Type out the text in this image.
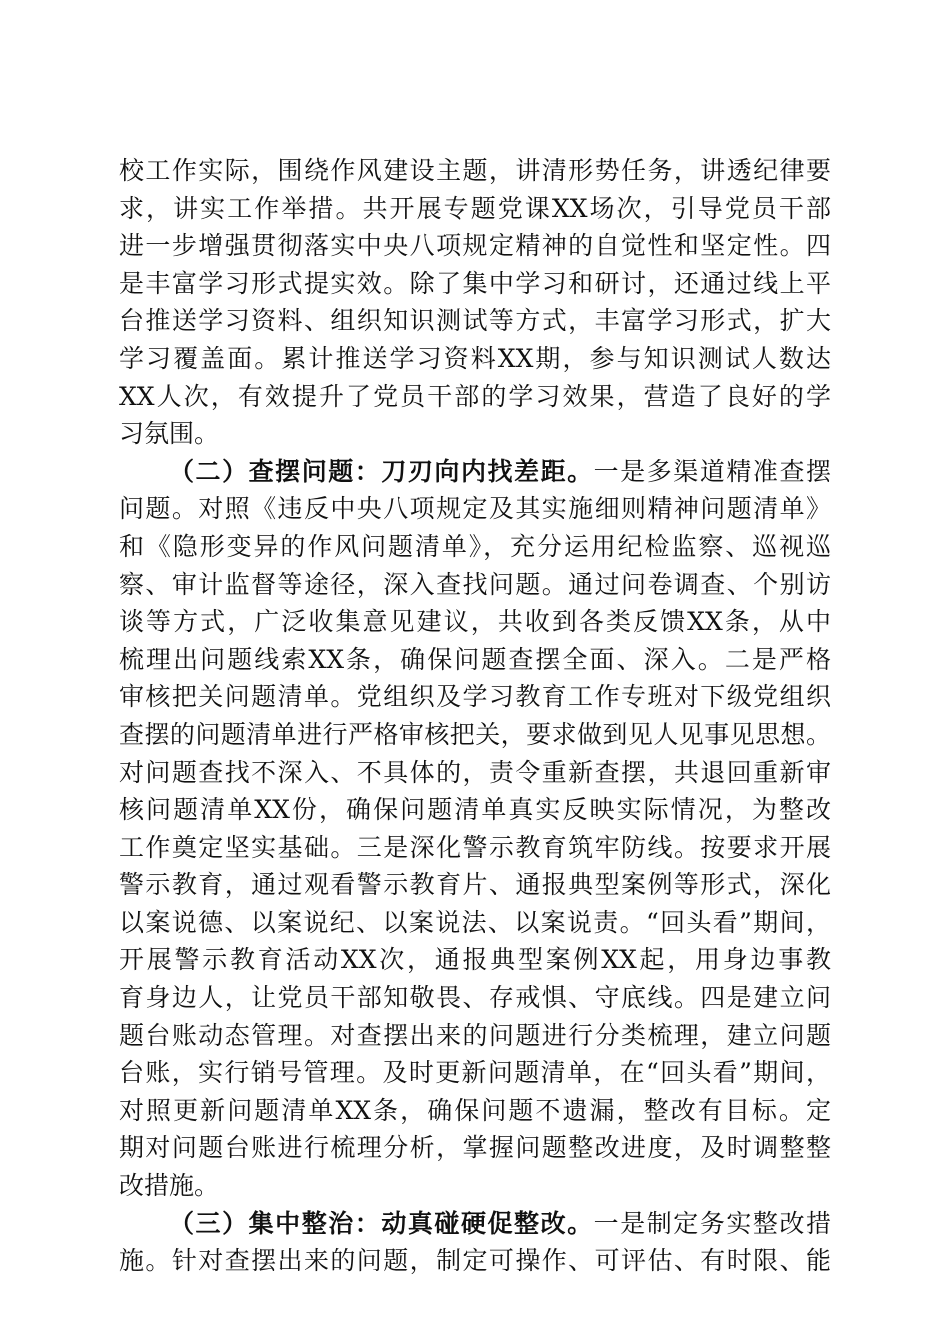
校工作实际，围绕作风建设主题，讲清形势任务，讲透纪律要
求，讲实工作举措。共开展专题党课XX场次，引导党员干部
进一步增强贯彻落实中央八项规定精神的自觉性和坚定性。四
是丰富学习形式提实效。除了集中学习和研讨，还通过线上平
台推送学习资料、组织知识测试等方式，丰富学习形式，扩大
学习覆盖面。累计推送学习资料XX期，参与知识测试人数达
XX人次，有效提升了党员干部的学习效果，营造了良好的学
习氛围。
（二）查摆问题：刀刃向内找差距。一是多渠道精准查摆
问题。对照《违反中央八项规定及其实施细则精神问题清单》
和《隐形变异的作风问题清单》，充分运用纪检监察、巡视巡
察、审计监督等途径，深入查找问题。通过问卷调查、个别访
谈等方式，广泛收集意见建议，共收到各类反馈XX条，从中
梳理出问题线索XX条，确保问题查摆全面、深入。二是严格
审核把关问题清单。党组织及学习教育工作专班对下级党组织
查摆的问题清单进行严格审核把关，要求做到见人见事见思想。
对问题查找不深入、不具体的，责令重新查摆，共退回重新审
核问题清单XX份，确保问题清单真实反映实际情况，为整改
工作奠定坚实基础。三是深化警示教育筑牢防线。按要求开展
警示教育，通过观看警示教育片、通报典型案例等形式，深化
以案说德、以案说纪、以案说法、以案说责。“回头看”期间，
开展警示教育活动XX次，通报典型案例XX起，用身边事教
育身边人，让党员干部知敬畏、存戒惧、守底线。四是建立问
题台账动态管理。对查摆出来的问题进行分类梳理，建立问题
台账，实行销号管理。及时更新问题清单，在“回头看”期间，
对照更新问题清单XX条，确保问题不遗漏，整改有目标。定
期对问题台账进行梳理分析，掌握问题整改进度，及时调整整
改措施。
（三）集中整治：动真碰硬促整改。一是制定务实整改措
施。针对查摆出来的问题，制定可操作、可评估、有时限、能
